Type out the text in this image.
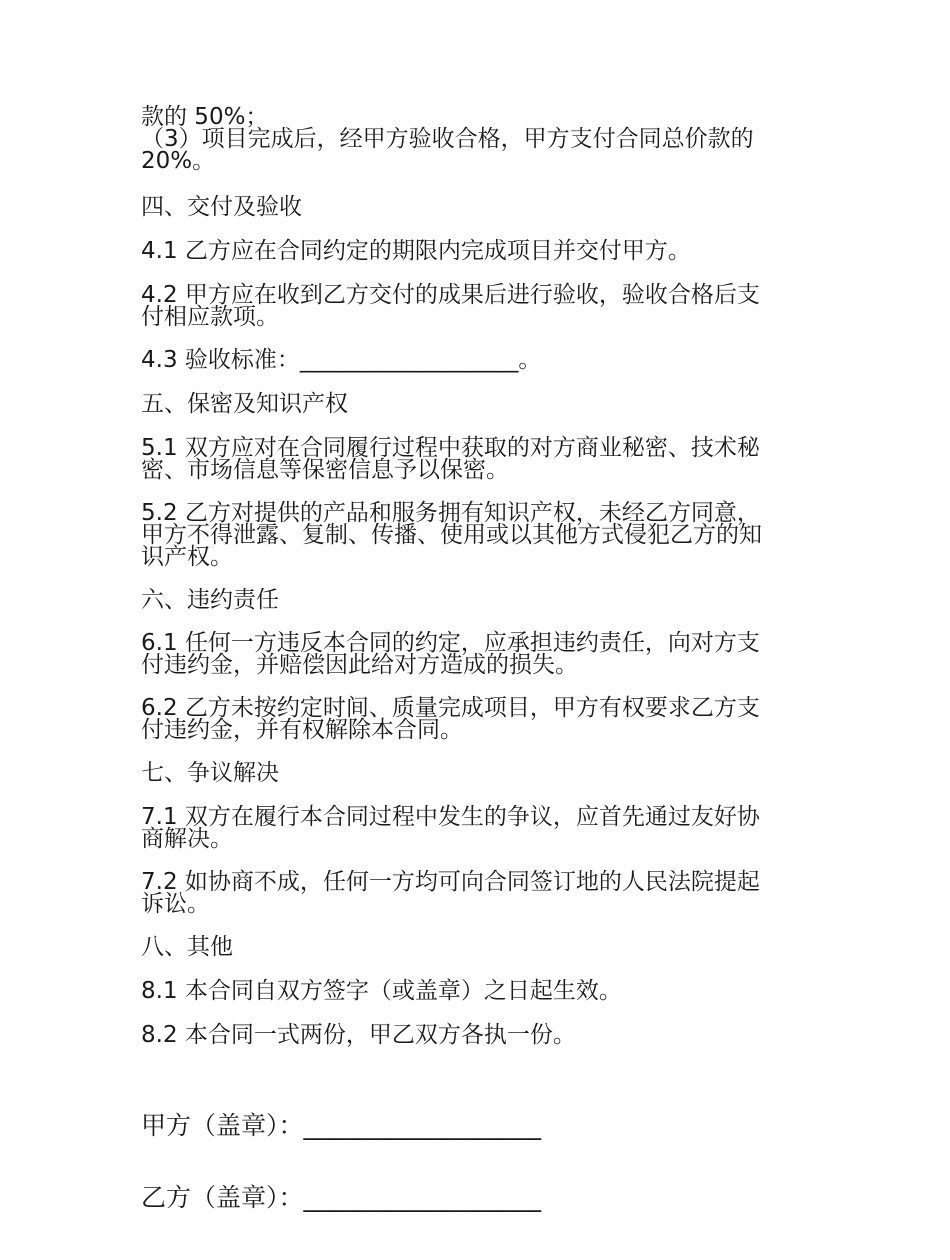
款的 50%；
（3）项目完成后，经甲方验收合格，甲方支付合同总价款的
20%。

四、交付及验收

4.1 乙方应在合同约定的期限内完成项目并交付甲方。

4.2 甲方应在收到乙方交付的成果后进行验收，验收合格后支
付相应款项。

4.3 验收标准：___________________。

五、保密及知识产权

5.1 双方应对在合同履行过程中获取的对方商业秘密、技术秘
密、市场信息等保密信息予以保密。

5.2 乙方对提供的产品和服务拥有知识产权，未经乙方同意，
甲方不得泄露、复制、传播、使用或以其他方式侵犯乙方的知
识产权。

六、违约责任

6.1 任何一方违反本合同的约定，应承担违约责任，向对方支
付违约金，并赔偿因此给对方造成的损失。

6.2 乙方未按约定时间、质量完成项目，甲方有权要求乙方支
付违约金，并有权解除本合同。

七、争议解决

7.1 双方在履行本合同过程中发生的争议，应首先通过友好协
商解决。

7.2 如协商不成，任何一方均可向合同签订地的人民法院提起
诉讼。

八、其他

8.1 本合同自双方签字（或盖章）之日起生效。

8.2 本合同一式两份，甲乙双方各执一份。

甲方（盖章）：___________________

乙方（盖章）：___________________
